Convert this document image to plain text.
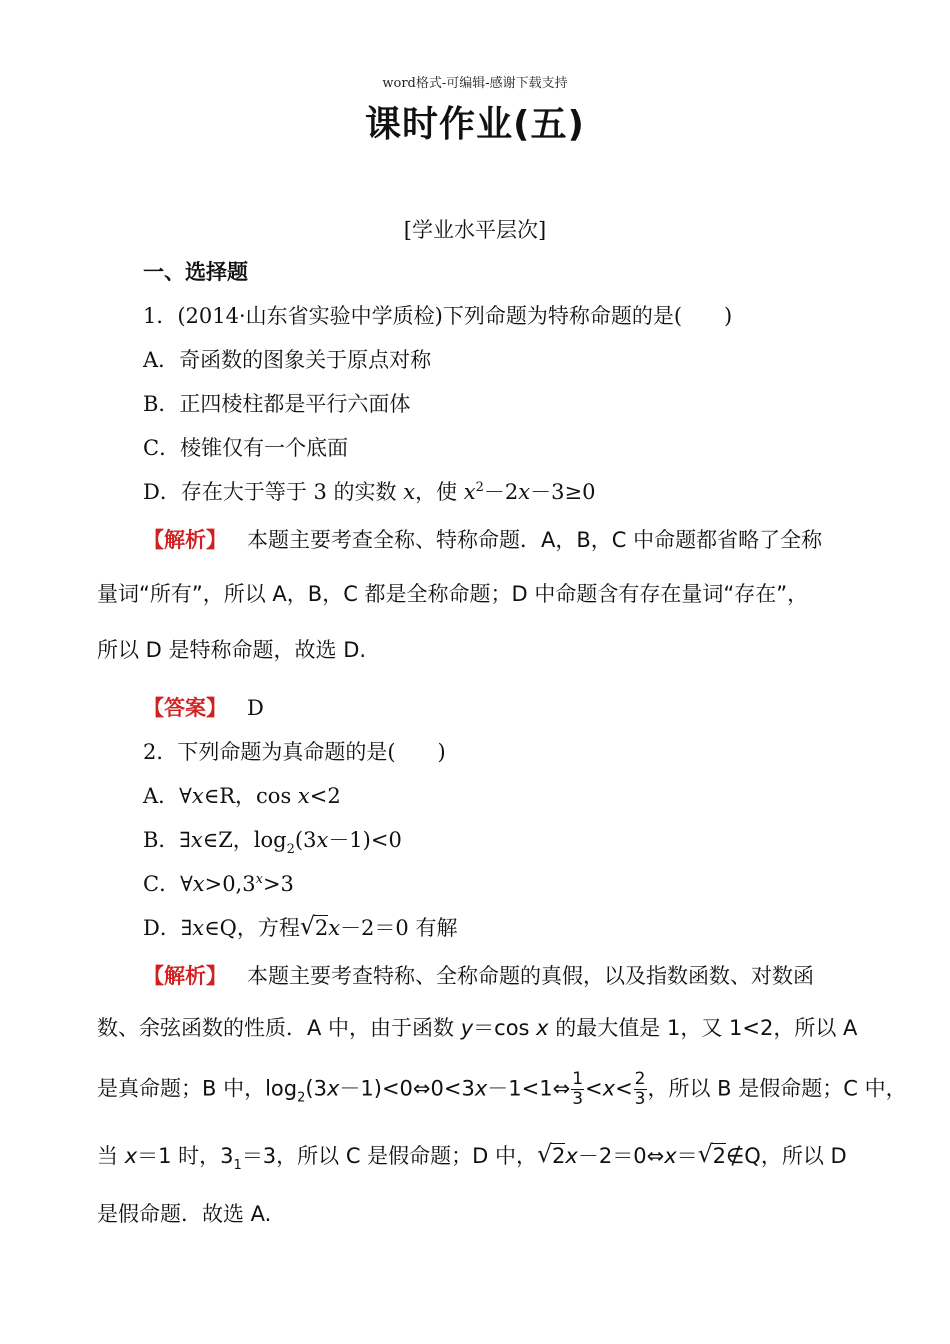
word格式-可编辑-感谢下载支持
课时作业(五)
[学业水平层次]
一、选择题
1．(2014·山东省实验中学质检)下列命题为特称命题的是(　　)
A．奇函数的图象关于原点对称
B．正四棱柱都是平行六面体
C．棱锥仅有一个底面
D．存在大于等于 3 的实数 x，使 $x^2-2x-3\ge 0$
【解析】 本题主要考查全称、特称命题．A，B，C 中命题都省略了全称
量词“所有”，所以 A，B，C 都是全称命题；D 中命题含有存在量词“存在”，
所以 D 是特称命题，故选 D.
【答案】 D
2．下列命题为真命题的是(　　)
A．∀x∈R，cos x<2
B．∃x∈Z，$\log_2(3x-1)<0$
C．$\forall x>0,3^x>3$
D．∃x∈Q，方程 √ 2x－2＝0 有解
【解析】 本题主要考查特称、全称命题的真假，以及指数函数、对数函
数、余弦函数的性质．A 中，由于函数 y＝cos x 的最大值是 1，又 1<2，所以 A
是真命题；B 中，$\log_2(3x-1)<0\Leftrightarrow 0<3x-1<1\Leftrightarrow \frac{1}{3} <x< \frac{2}{3}$ ，所以 B 是假命题；C 中，
当 x＝1 时，$3_1=3$，所以 C 是假命题；D 中， √ 2x－2＝0⇔x＝ √ 2∉Q，所以 D
是假命题．故选 A.
